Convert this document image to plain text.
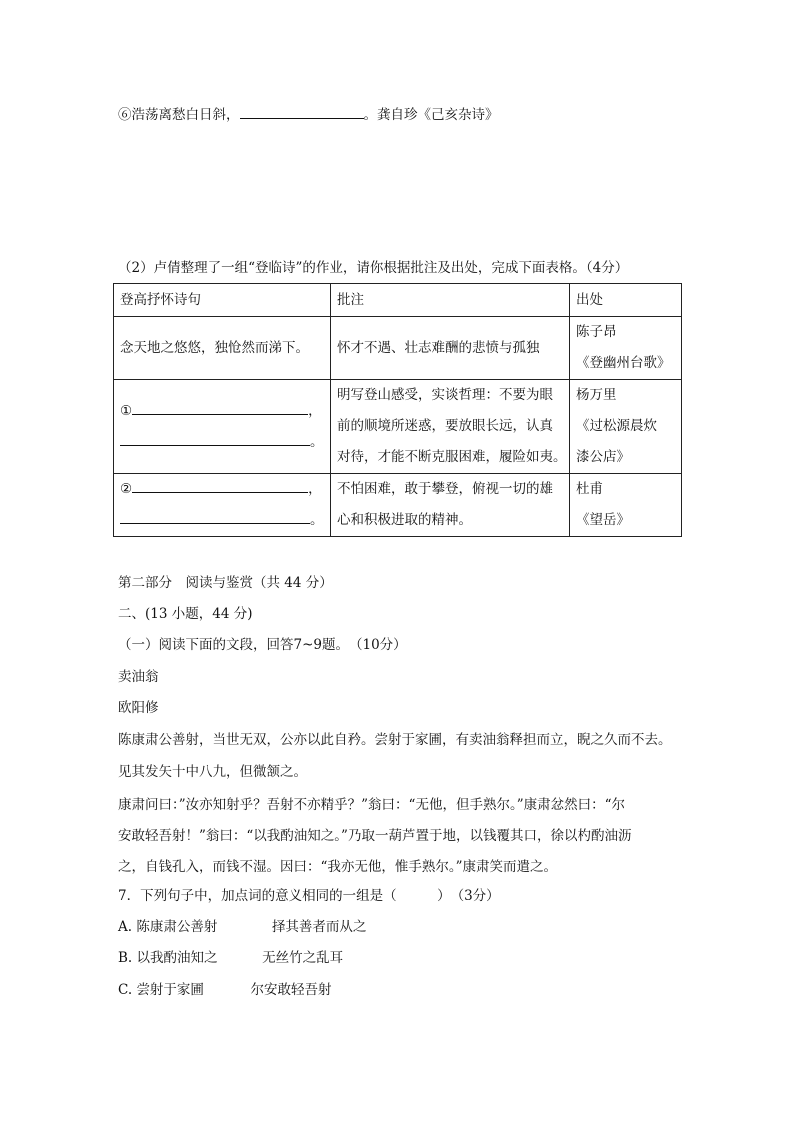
⑥浩荡离愁白日斜，	。龚自珍《己亥杂诗》
（2）卢倩整理了一组“登临诗”的作业，请你根据批注及出处，完成下面表格。（4分）
登高抒怀诗句	批注	出处
念天地之悠悠，独怆然而涕下。	怀才不遇、壮志难酬的悲愤与孤独	陈子昂
《登幽州台歌》

① ，
。	明写登山感受，实谈哲理：不要为眼
前的顺境所迷惑，要放眼长远，认真
对待，才能不断克服困难，履险如夷。	杨万里
《过松源晨炊
漆公店》

② ，
。	不怕困难，敢于攀登，俯视一切的雄
心和积极进取的精神。	杜甫
《望岳》
第二部分　阅读与鉴赏（共 44 分）
二、(13 小题，44 分)
（一）阅读下面的文段，回答7~9题。　（10分）
卖油翁
欧阳修
陈康肃公善射，当世无双，公亦以此自矜。尝射于家圃，有卖油翁释担而立，睨之久而不去。
见其发矢十中八九，但微颔之。
康肃问曰：”汝亦知射乎？吾射不亦精乎？”翁曰：“无他，但手熟尔。”康肃忿然曰：“尔
安敢轻吾射！”翁曰：“以我酌油知之。”乃取一葫芦置于地，以钱覆其口，徐以杓酌油沥
之，自钱孔入，而钱不湿。因曰：“我亦无他，惟手熟尔。”康肃笑而遣之。
7．下列句子中，加点词的意义相同的一组是（　　　）　（3分）
A. 陈康肃公善射	择其善者而从之
B. 以我酌油知之	无丝竹之乱耳
C. 尝射于家圃	尔安敢轻吾射
